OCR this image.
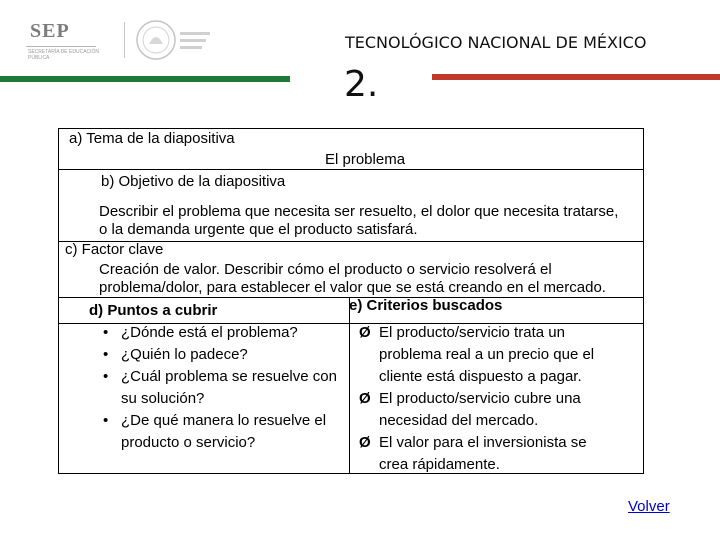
SEP
SECRETARÍA DE EDUCACIÓN PÚBLICA
TECNOLÓGICO NACIONAL DE MÉXICO
2.
a) Tema de la diapositiva
El problema
b) Objetivo de la diapositiva
Describir el problema que necesita ser resuelto, el dolor que necesita tratarse, o la demanda urgente que el producto satisfará.
c) Factor clave
Creación de valor. Describir cómo el producto o servicio resolverá el problema/dolor, para establecer el valor que se está creando en el mercado.
e) Criterios buscados
d) Puntos a cubrir
• ¿Dónde está el problema?
• ¿Quién lo padece?
• ¿Cuál problema se resuelve con su solución?
• ¿De qué manera lo resuelve el producto o servicio?
Ø El producto/servicio trata un problema real a un precio que el cliente está dispuesto a pagar.
Ø El producto/servicio cubre una necesidad del mercado.
Ø El valor para el inversionista se crea rápidamente.
Volver
